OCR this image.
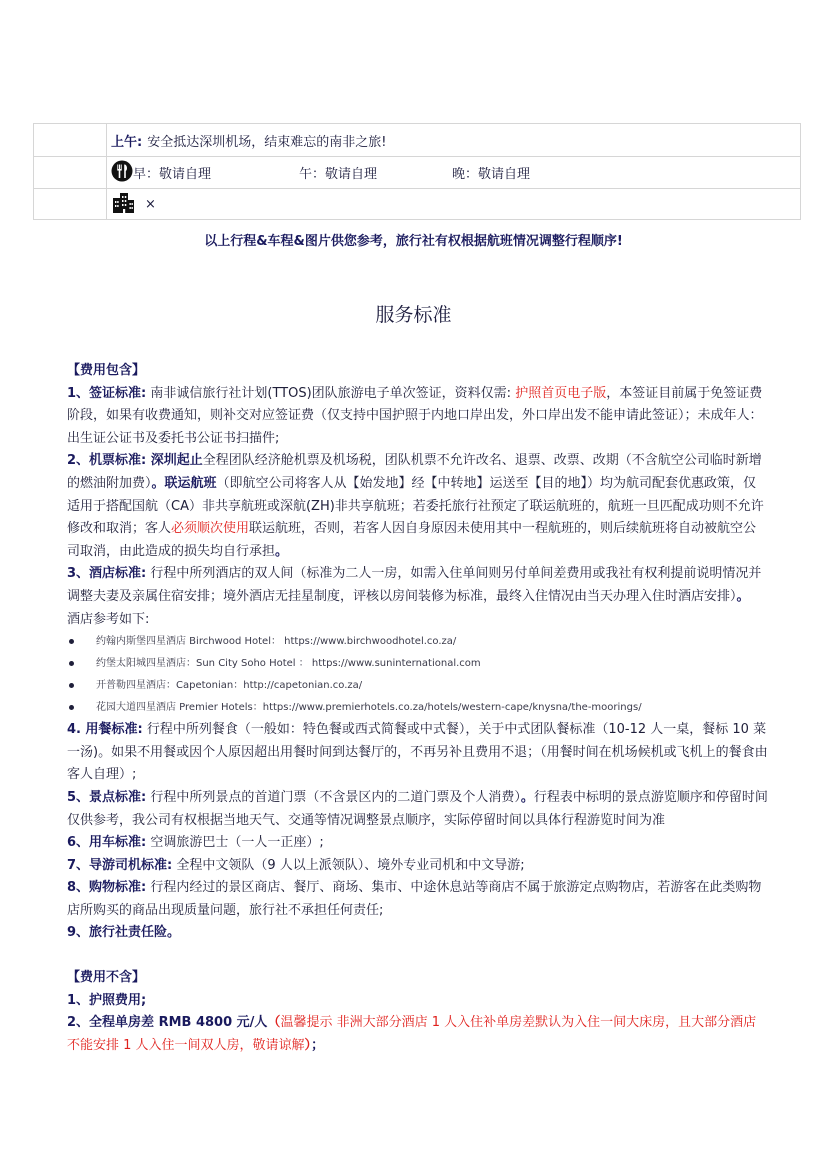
上午: 安全抵达深圳机场，结束难忘的南非之旅!
早：敬请自理	午：敬请自理	晚：敬请自理
×
以上行程&车程&图片供您参考，旅行社有权根据航班情况调整行程顺序!
服务标准

【费用包含】

1、签证标准: 南非诚信旅行社计划(TTOS)团队旅游电子单次签证，资料仅需: 护照首页电子版，本签证目前属于免签证费阶段，如果有收费通知，则补交对应签证费（仅支持中国护照于内地口岸出发，外口岸出发不能申请此签证）；未成年人：出生证公证书及委托书公证书扫描件;

2、机票标准: 深圳起止全程团队经济舱机票及机场税，团队机票不允许改名、退票、改票、改期（不含航空公司临时新增的燃油附加费）。联运航班（即航空公司将客人从【始发地】经【中转地】运送至【目的地】）均为航司配套优惠政策，仅适用于搭配国航（CA）非共享航班或深航(ZH)非共享航班；若委托旅行社预定了联运航班的，航班一旦匹配成功则不允许修改和取消；客人必须顺次使用联运航班，否则，若客人因自身原因未使用其中一程航班的，则后续航班将自动被航空公司取消，由此造成的损失均自行承担。

3、酒店标准: 行程中所列酒店的双人间（标准为二人一房，如需入住单间则另付单间差费用或我社有权利提前说明情况并调整夫妻及亲属住宿安排；境外酒店无挂星制度，评核以房间装修为标准，最终入住情况由当天办理入住时酒店安排）。

酒店参考如下:

约翰内斯堡四星酒店 Birchwood Hotel： https://www.birchwoodhotel.co.za/
约堡太阳城四星酒店：Sun City Soho Hotel ： https://www.suninternational.com
开普勒四星酒店：Capetonian：http://capetonian.co.za/
花园大道四星酒店 Premier Hotels：https://www.premierhotels.co.za/hotels/western-cape/knysna/the-moorings/

4. 用餐标准: 行程中所列餐食（一般如：特色餐或西式简餐或中式餐），关于中式团队餐标准（10-12 人一桌，餐标 10 菜一汤)。如果不用餐或因个人原因超出用餐时间到达餐厅的，不再另补且费用不退；（用餐时间在机场候机或飞机上的餐食由客人自理）;

5、景点标准: 行程中所列景点的首道门票（不含景区内的二道门票及个人消费）。行程表中标明的景点游览顺序和停留时间仅供参考，我公司有权根据当地天气、交通等情况调整景点顺序，实际停留时间以具体行程游览时间为准

6、用车标准: 空调旅游巴士（一人一正座）;

7、导游司机标准: 全程中文领队（9 人以上派领队）、境外专业司机和中文导游;

8、购物标准: 行程内经过的景区商店、餐厅、商场、集市、中途休息站等商店不属于旅游定点购物店，若游客在此类购物店所购买的商品出现质量问题，旅行社不承担任何责任;

9、旅行社责任险。

【费用不含】

1、护照费用;

2、全程单房差 RMB 4800 元/人（温馨提示 非洲大部分酒店 1 人入住补单房差默认为入住一间大床房，且大部分酒店不能安排 1 人入住一间双人房，敬请谅解）；
